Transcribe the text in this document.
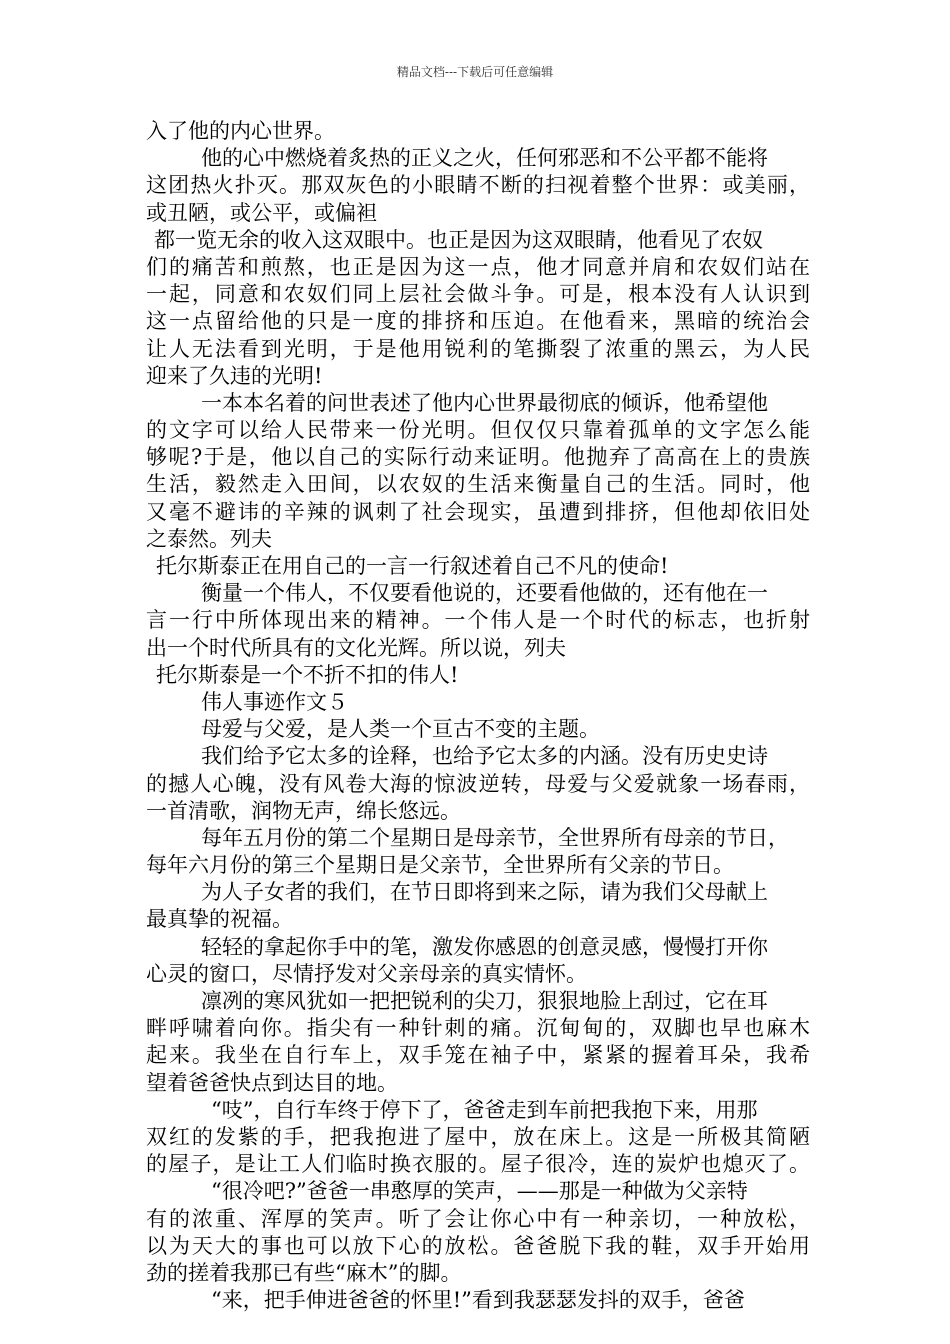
精品文档---下载后可任意编辑
入了他的内心世界。
他的心中燃烧着炙热的正义之火，任何邪恶和不公平都不能将
这团热火扑灭。那双灰色的小眼睛不断的扫视着整个世界：或美丽，
或丑陋，或公平，或偏袒
都一览无余的收入这双眼中。也正是因为这双眼睛，他看见了农奴
们的痛苦和煎熬，也正是因为这一点，他才同意并肩和农奴们站在
一起，同意和农奴们同上层社会做斗争。可是，根本没有人认识到
这一点留给他的只是一度的排挤和压迫。在他看来，黑暗的统治会
让人无法看到光明，于是他用锐利的笔撕裂了浓重的黑云，为人民
迎来了久违的光明!
一本本名着的问世表述了他内心世界最彻底的倾诉，他希望他
的文字可以给人民带来一份光明。但仅仅只靠着孤单的文字怎么能
够呢?于是，他以自己的实际行动来证明。他抛弃了高高在上的贵族
生活，毅然走入田间，以农奴的生活来衡量自己的生活。同时，他
又毫不避讳的辛辣的讽刺了社会现实，虽遭到排挤，但他却依旧处
之泰然。列夫
托尔斯泰正在用自己的一言一行叙述着自己不凡的使命!
衡量一个伟人，不仅要看他说的，还要看他做的，还有他在一
言一行中所体现出来的精神。一个伟人是一个时代的标志，也折射
出一个时代所具有的文化光辉。所以说，列夫
托尔斯泰是一个不折不扣的伟人!
伟人事迹作文５
母爱与父爱，是人类一个亘古不变的主题。
我们给予它太多的诠释，也给予它太多的内涵。没有历史史诗
的撼人心魄，没有风卷大海的惊波逆转，母爱与父爱就象一场春雨，
一首清歌，润物无声，绵长悠远。
每年五月份的第二个星期日是母亲节，全世界所有母亲的节日，
每年六月份的第三个星期日是父亲节，全世界所有父亲的节日。
为人子女者的我们，在节日即将到来之际，请为我们父母献上
最真挚的祝福。
轻轻的拿起你手中的笔，激发你感恩的创意灵感，慢慢打开你
心灵的窗口，尽情抒发对父亲母亲的真实情怀。
凛冽的寒风犹如一把把锐利的尖刀，狠狠地脸上刮过，它在耳
畔呼啸着向你。指尖有一种针刺的痛。沉甸甸的，双脚也早也麻木
起来。我坐在自行车上，双手笼在袖子中，紧紧的握着耳朵，我希
望着爸爸快点到达目的地。
“吱”，自行车终于停下了，爸爸走到车前把我抱下来，用那
双红的发紫的手，把我抱进了屋中，放在床上。这是一所极其简陋
的屋子，是让工人们临时换衣服的。屋子很冷，连的炭炉也熄灭了。
“很冷吧?”爸爸一串憨厚的笑声，——那是一种做为父亲特
有的浓重、浑厚的笑声。听了会让你心中有一种亲切，一种放松，
以为天大的事也可以放下心的放松。爸爸脱下我的鞋，双手开始用
劲的搓着我那已有些“麻木”的脚。
“来，把手伸进爸爸的怀里!”看到我瑟瑟发抖的双手，爸爸
